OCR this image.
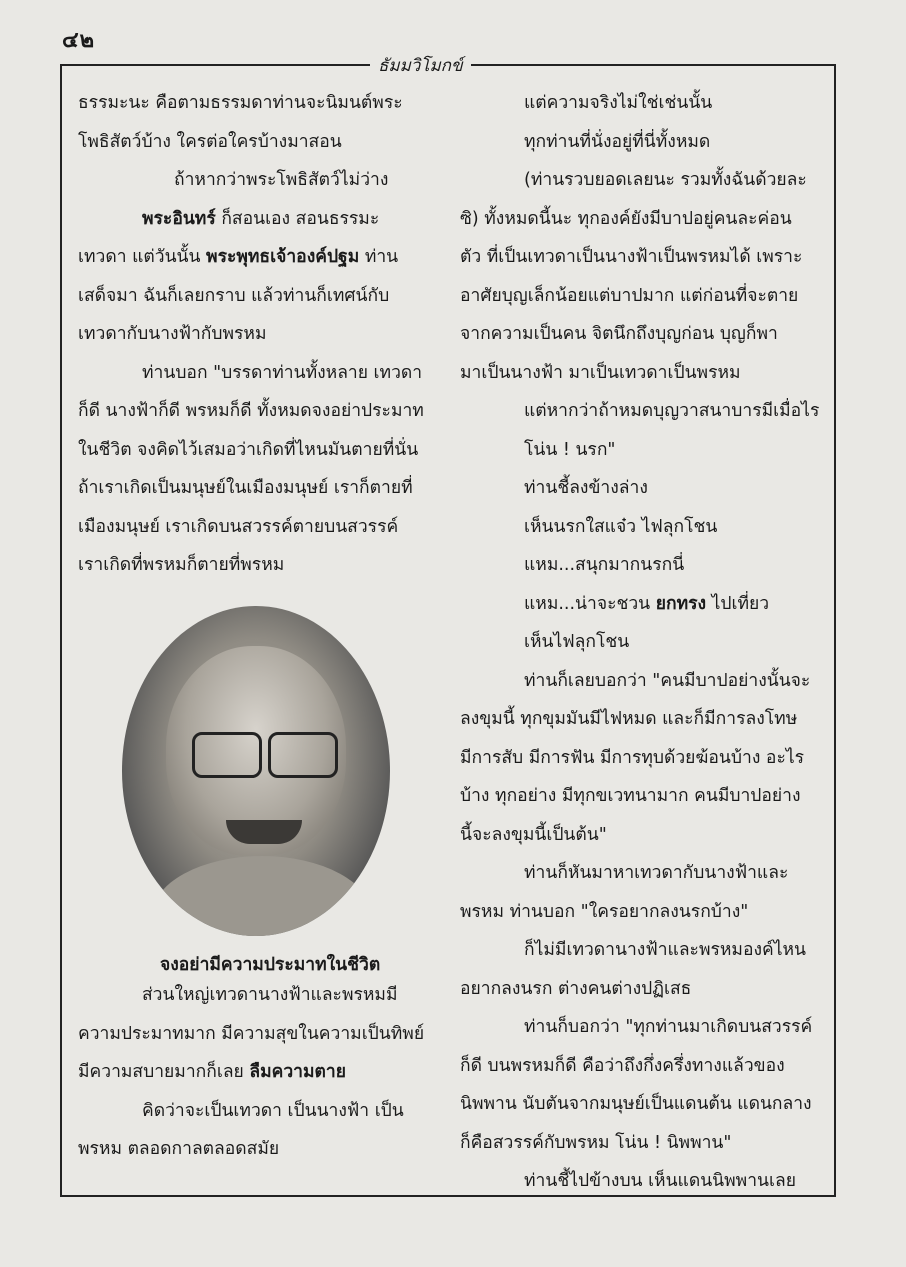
๔๒
ธัมมวิโมกข์

ธรรมะนะ คือตามธรรมดาท่านจะนิมนต์พระ

โพธิสัตว์บ้าง ใครต่อใครบ้างมาสอน

ถ้าหากว่าพระโพธิสัตว์ไม่ว่าง

พระอินทร์ ก็สอนเอง สอนธรรมะ

เทวดา แต่วันนั้น พระพุทธเจ้าองค์ปฐม ท่าน

เสด็จมา ฉันก็เลยกราบ แล้วท่านก็เทศน์กับ

เทวดากับนางฟ้ากับพรหม

ท่านบอก "บรรดาท่านทั้งหลาย เทวดา

ก็ดี นางฟ้าก็ดี พรหมก็ดี ทั้งหมดจงอย่าประมาท

ในชีวิต จงคิดไว้เสมอว่าเกิดที่ไหนมันตายที่นั่น

ถ้าเราเกิดเป็นมนุษย์ในเมืองมนุษย์ เราก็ตายที่

เมืองมนุษย์ เราเกิดบนสวรรค์ตายบนสวรรค์

เราเกิดที่พรหมก็ตายที่พรหม

จงอย่ามีความประมาทในชีวิต

ส่วนใหญ่เทวดานางฟ้าและพรหมมี

ความประมาทมาก มีความสุขในความเป็นทิพย์

มีความสบายมากก็เลย ลืมความตาย

คิดว่าจะเป็นเทวดา เป็นนางฟ้า เป็น

พรหม ตลอดกาลตลอดสมัย

แต่ความจริงไม่ใช่เช่นนั้น

ทุกท่านที่นั่งอยู่ที่นี่ทั้งหมด

(ท่านรวบยอดเลยนะ รวมทั้งฉันด้วยละ

ซิ) ทั้งหมดนี้นะ ทุกองค์ยังมีบาปอยู่คนละค่อน

ตัว ที่เป็นเทวดาเป็นนางฟ้าเป็นพรหมได้ เพราะ

อาศัยบุญเล็กน้อยแต่บาปมาก แต่ก่อนที่จะตาย

จากความเป็นคน จิตนึกถึงบุญก่อน บุญก็พา

มาเป็นนางฟ้า มาเป็นเทวดาเป็นพรหม

แต่หากว่าถ้าหมดบุญวาสนาบารมีเมื่อไร

โน่น ! นรก"

ท่านชี้ลงข้างล่าง

เห็นนรกใสแจ๋ว ไฟลุกโชน

แหม...สนุกมากนรกนี่

แหม...น่าจะชวน ยกทรง ไปเที่ยว

เห็นไฟลุกโชน

ท่านก็เลยบอกว่า "คนมีบาปอย่างนั้นจะ

ลงขุมนี้ ทุกขุมมันมีไฟหมด และก็มีการลงโทษ

มีการสับ มีการฟัน มีการทุบด้วยฆ้อนบ้าง อะไร

บ้าง ทุกอย่าง มีทุกขเวทนามาก คนมีบาปอย่าง

นี้จะลงขุมนี้เป็นต้น"

ท่านก็หันมาหาเทวดากับนางฟ้าและ

พรหม ท่านบอก "ใครอยากลงนรกบ้าง"

ก็ไม่มีเทวดานางฟ้าและพรหมองค์ไหน

อยากลงนรก ต่างคนต่างปฏิเสธ

ท่านก็บอกว่า "ทุกท่านมาเกิดบนสวรรค์

ก็ดี บนพรหมก็ดี คือว่าถึงกึ่งครึ่งทางแล้วของ

นิพพาน นับตันจากมนุษย์เป็นแดนต้น แดนกลาง

ก็คือสวรรค์กับพรหม โน่น ! นิพพาน"

ท่านชี้ไปข้างบน เห็นแดนนิพพานเลย
